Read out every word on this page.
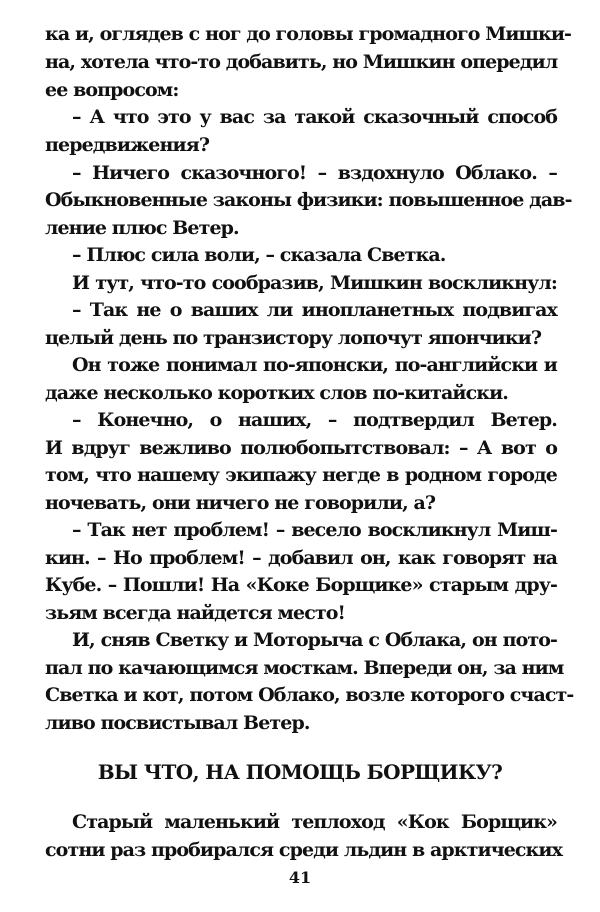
ка и, оглядев с ног до головы громадного Мишки-
на, хотела что-то добавить, но Мишкин опередил
ее вопросом:
– А что это у вас за такой сказочный способ
передвижения?
– Ничего сказочного! – вздохнуло Облако. –
Обыкновенные законы физики: повышенное дав-
ление плюс Ветер.
– Плюс сила воли, – сказала Светка.
И тут, что-то сообразив, Мишкин воскликнул:
– Так не о ваших ли инопланетных подвигах
целый день по транзистору лопочут япончики?
Он тоже понимал по-японски, по-английски и
даже несколько коротких слов по-китайски.
– Конечно, о наших, – подтвердил Ветер.
И вдруг вежливо полюбопытствовал: – А вот о
том, что нашему экипажу негде в родном городе
ночевать, они ничего не говорили, а?
– Так нет проблем! – весело воскликнул Миш-
кин. – Но проблем! – добавил он, как говорят на
Кубе. – Пошли! На «Коке Борщике» старым дру-
зьям всегда найдется место!
И, сняв Светку и Моторыча с Облака, он пото-
пал по качающимся мосткам. Впереди он, за ним
Светка и кот, потом Облако, возле которого счаст-
ливо посвистывал Ветер.
ВЫ ЧТО, НА ПОМОЩЬ БОРЩИКУ?
Старый маленький теплоход «Кок Борщик»
сотни раз пробирался среди льдин в арктических
41
